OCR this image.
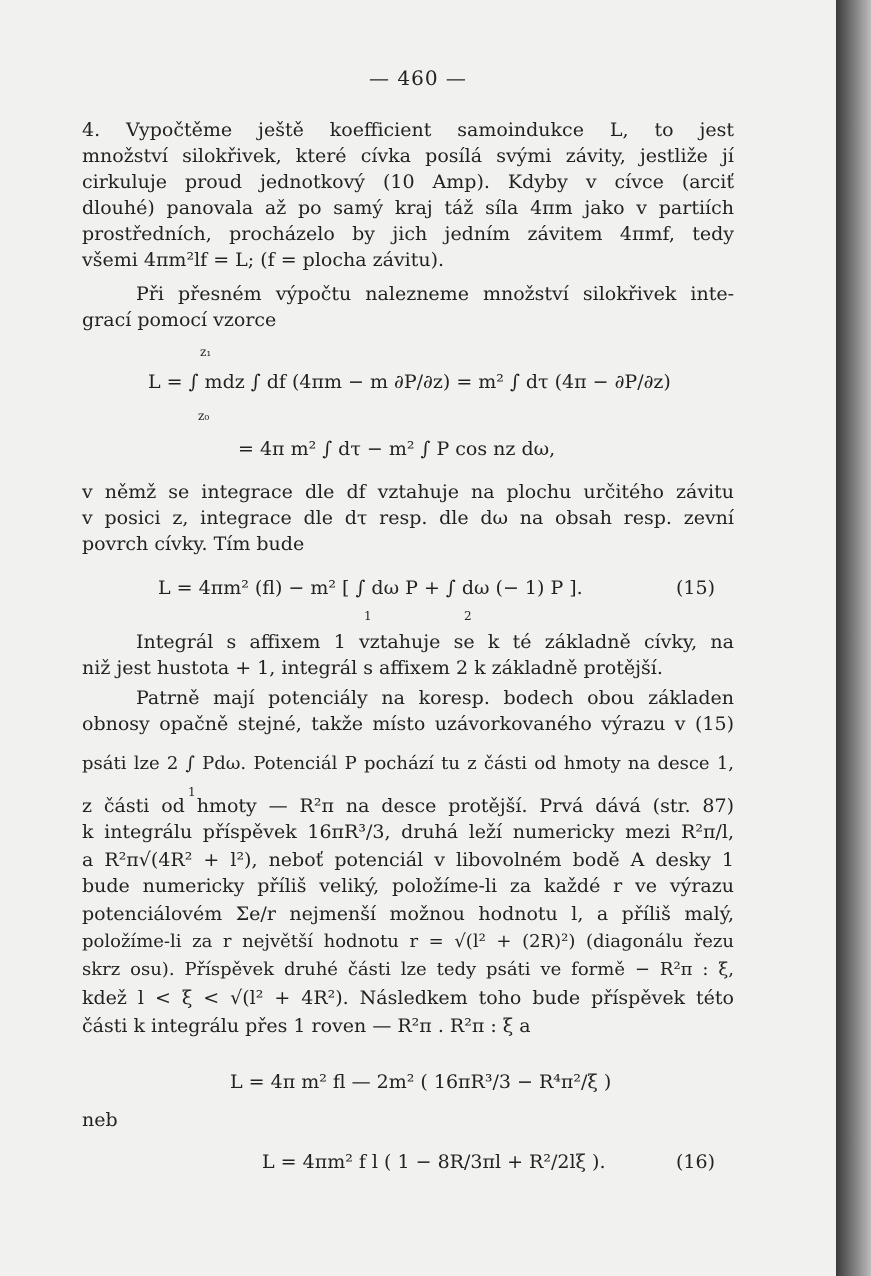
— 460 —
4. Vypočtěme ještě koefficient samoindukce L, to jest
množství silokřivek, které cívka posílá svými závity, jestliže jí
cirkuluje proud jednotkový (10 Amp). Kdyby v cívce (arciť
dlouhé) panovala až po samý kraj táž síla 4πm jako v partiích
prostředních, procházelo by jich jedním závitem 4πmf, tedy
všemi 4πm²lf = L; (f = plocha závitu).
Při přesném výpočtu nalezneme množství silokřivek inte-
grací pomocí vzorce
z₁
L = ∫ mdz ∫ df (4πm − m ∂P/∂z) = m² ∫ dτ (4π − ∂P/∂z)
z₀
= 4π m² ∫ dτ − m² ∫ P cos nz dω,
v němž se integrace dle df vztahuje na plochu určitého závitu
v posici z, integrace dle dτ resp. dle dω na obsah resp. zevní
povrch cívky. Tím bude
L = 4πm² (fl) − m² [ ∫ dω P + ∫ dω (− 1) P ].
1	2
(15)
Integrál s affixem 1 vztahuje se k té základně cívky, na
niž jest hustota + 1, integrál s affixem 2 k základně protější.
Patrně mají potenciály na koresp. bodech obou základen
obnosy opačně stejné, takže místo uzávorkovaného výrazu v (15)
psáti lze 2 ∫ Pdω. Potenciál P pochází tu z části od hmoty na desce 1,
1
z části od hmoty — R²π na desce protější. Prvá dává (str. 87)
k integrálu příspěvek 16πR³/3, druhá leží numericky mezi R²π/l,
a R²π√(4R² + l²), neboť potenciál v libovolném bodě A desky 1
bude numericky příliš veliký, položíme-li za každé r ve výrazu
potenciálovém Σe/r nejmenší možnou hodnotu l, a příliš malý,
položíme-li za r největší hodnotu r = √(l² + (2R)²) (diagonálu řezu
skrz osu). Příspěvek druhé části lze tedy psáti ve formě − R²π : ξ,
kdež l < ξ < √(l² + 4R²). Následkem toho bude příspěvek této
části k integrálu přes 1 roven — R²π . R²π : ξ a
L = 4π m² fl — 2m² ( 16πR³/3 − R⁴π²/ξ )
neb
L = 4πm² f l ( 1 − 8R/3πl + R²/2lξ ).	(16)
